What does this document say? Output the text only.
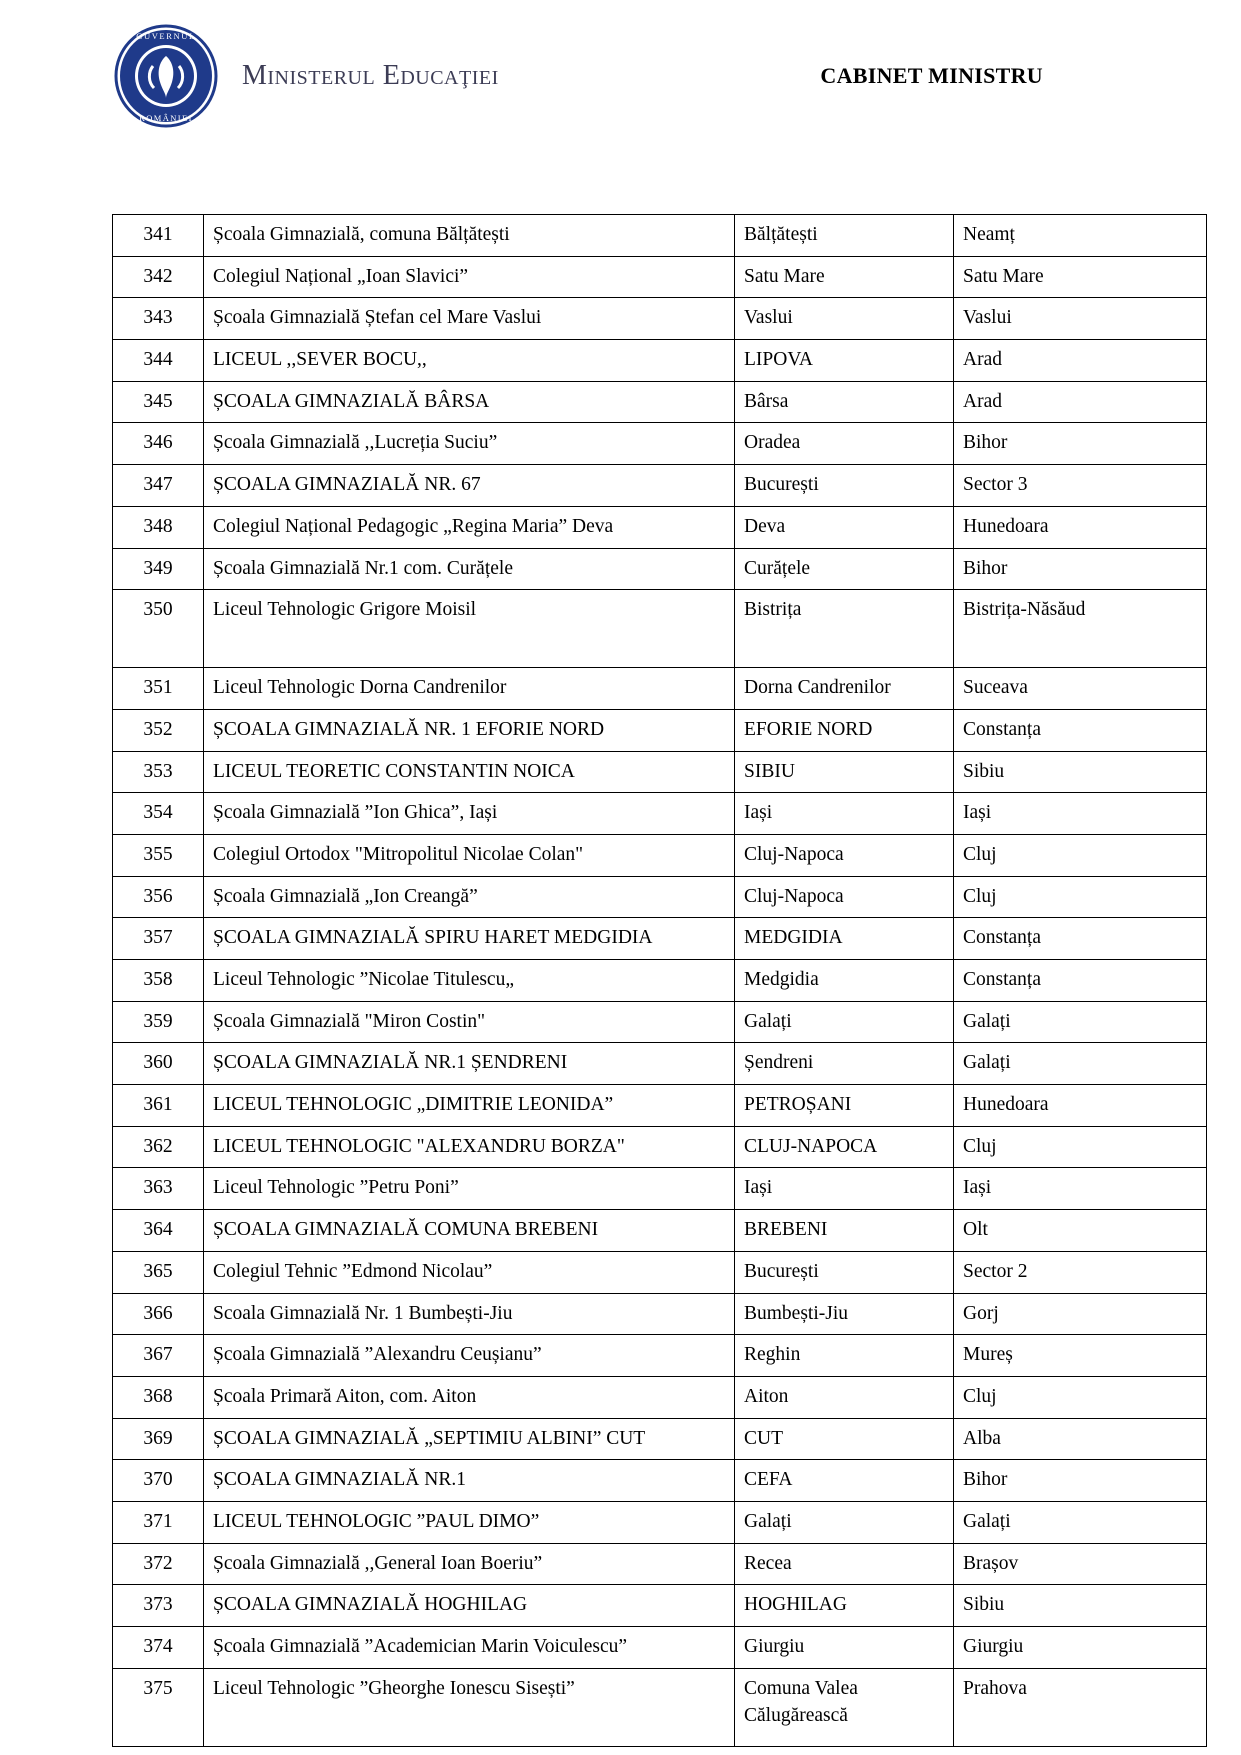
GUVERNUL
ROMÂNIEI
Ministerul Educaţiei	CABINET MINISTRU
341	Școala Gimnazială, comuna Bălțătești	Bălțătești	Neamț
342	Colegiul Național „Ioan Slavici”	Satu Mare	Satu Mare
343	Școala Gimnazială Ștefan cel Mare Vaslui	Vaslui	Vaslui
344	LICEUL ,,SEVER BOCU,,	LIPOVA	Arad
345	ȘCOALA GIMNAZIALĂ BÂRSA	Bârsa	Arad
346	Școala Gimnazială ,,Lucreția Suciu”	Oradea	Bihor
347	ȘCOALA GIMNAZIALĂ NR. 67	București	Sector 3
348	Colegiul Național Pedagogic „Regina Maria” Deva	Deva	Hunedoara
349	Școala Gimnazială Nr.1 com. Curățele	Curățele	Bihor
350	Liceul Tehnologic Grigore Moisil	Bistrița	Bistrița-Năsăud
351	Liceul Tehnologic Dorna Candrenilor	Dorna Candrenilor	Suceava
352	ȘCOALA GIMNAZIALĂ NR. 1 EFORIE NORD	EFORIE NORD	Constanța
353	LICEUL TEORETIC CONSTANTIN NOICA	SIBIU	Sibiu
354	Școala Gimnazială ”Ion Ghica”, Iași	Iași	Iași
355	Colegiul Ortodox "Mitropolitul Nicolae Colan"	Cluj-Napoca	Cluj
356	Școala Gimnazială „Ion Creangă”	Cluj-Napoca	Cluj
357	ȘCOALA GIMNAZIALĂ SPIRU HARET MEDGIDIA	MEDGIDIA	Constanța
358	Liceul Tehnologic ”Nicolae Titulescu„	Medgidia	Constanța
359	Școala Gimnazială "Miron Costin"	Galați	Galați
360	ȘCOALA GIMNAZIALĂ NR.1 ȘENDRENI	Șendreni	Galați
361	LICEUL TEHNOLOGIC „DIMITRIE LEONIDA”	PETROȘANI	Hunedoara
362	LICEUL TEHNOLOGIC "ALEXANDRU BORZA"	CLUJ-NAPOCA	Cluj
363	Liceul Tehnologic ”Petru Poni”	Iași	Iași
364	ȘCOALA GIMNAZIALĂ COMUNA BREBENI	BREBENI	Olt
365	Colegiul Tehnic ”Edmond Nicolau”	București	Sector 2
366	Scoala Gimnazială Nr. 1 Bumbești-Jiu	Bumbești-Jiu	Gorj
367	Școala Gimnazială ”Alexandru Ceușianu”	Reghin	Mureș
368	Școala Primară Aiton, com. Aiton	Aiton	Cluj
369	ȘCOALA GIMNAZIALĂ „SEPTIMIU ALBINI” CUT	CUT	Alba
370	ȘCOALA GIMNAZIALĂ NR.1	CEFA	Bihor
371	LICEUL TEHNOLOGIC ”PAUL DIMO”	Galați	Galați
372	Școala Gimnazială ,,General Ioan Boeriu”	Recea	Brașov
373	ȘCOALA GIMNAZIALĂ HOGHILAG	HOGHILAG	Sibiu
374	Școala Gimnazială ”Academician Marin Voiculescu”	Giurgiu	Giurgiu
375	Liceul Tehnologic ”Gheorghe Ionescu Sisești”	Comuna Valea Călugărească	Prahova
